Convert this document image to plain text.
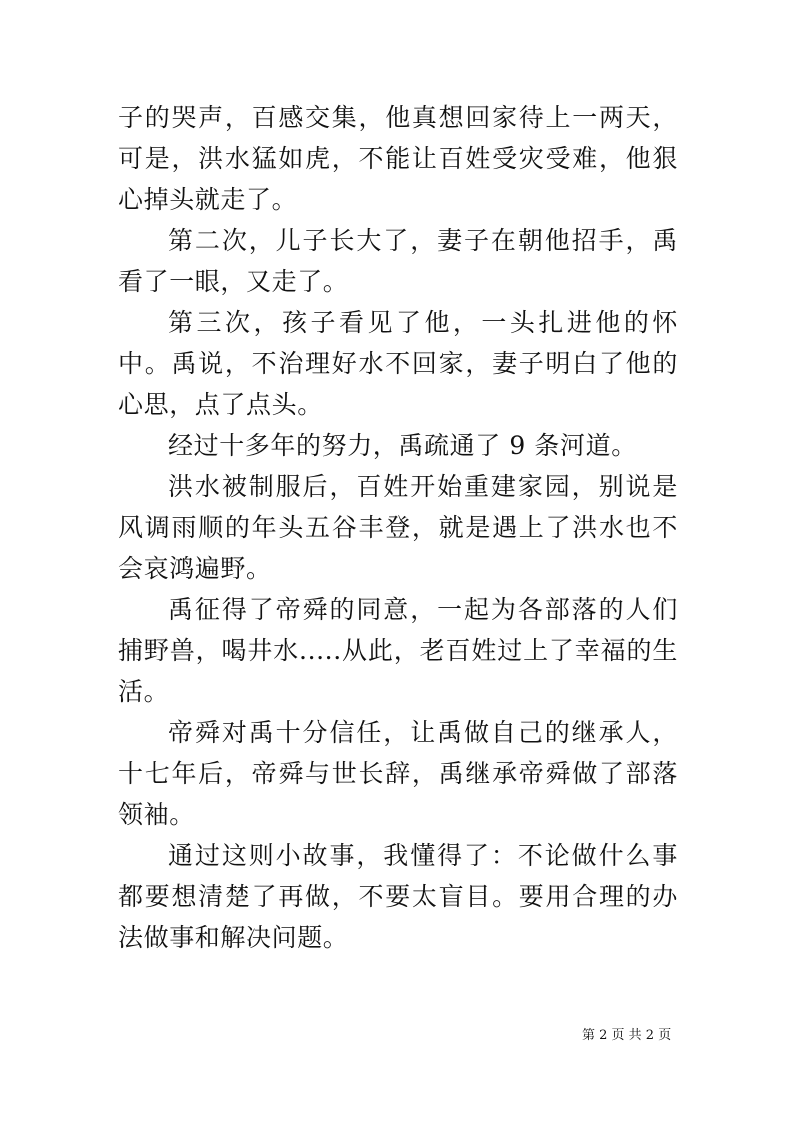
子的哭声，百感交集，他真想回家待上一两天，可是，洪水猛如虎，不能让百姓受灾受难，他狠心掉头就走了。

第二次，儿子长大了，妻子在朝他招手，禹看了一眼，又走了。

第三次，孩子看见了他，一头扎进他的怀中。禹说，不治理好水不回家，妻子明白了他的心思，点了点头。

经过十多年的努力，禹疏通了 9 条河道。

洪水被制服后，百姓开始重建家园，别说是风调雨顺的年头五谷丰登，就是遇上了洪水也不会哀鸿遍野。

禹征得了帝舜的同意，一起为各部落的人们捕野兽，喝井水.....从此，老百姓过上了幸福的生活。

帝舜对禹十分信任，让禹做自己的继承人，十七年后，帝舜与世长辞，禹继承帝舜做了部落领袖。

通过这则小故事，我懂得了：不论做什么事都要想清楚了再做，不要太盲目。要用合理的办法做事和解决问题。

第 2 页 共 2 页
